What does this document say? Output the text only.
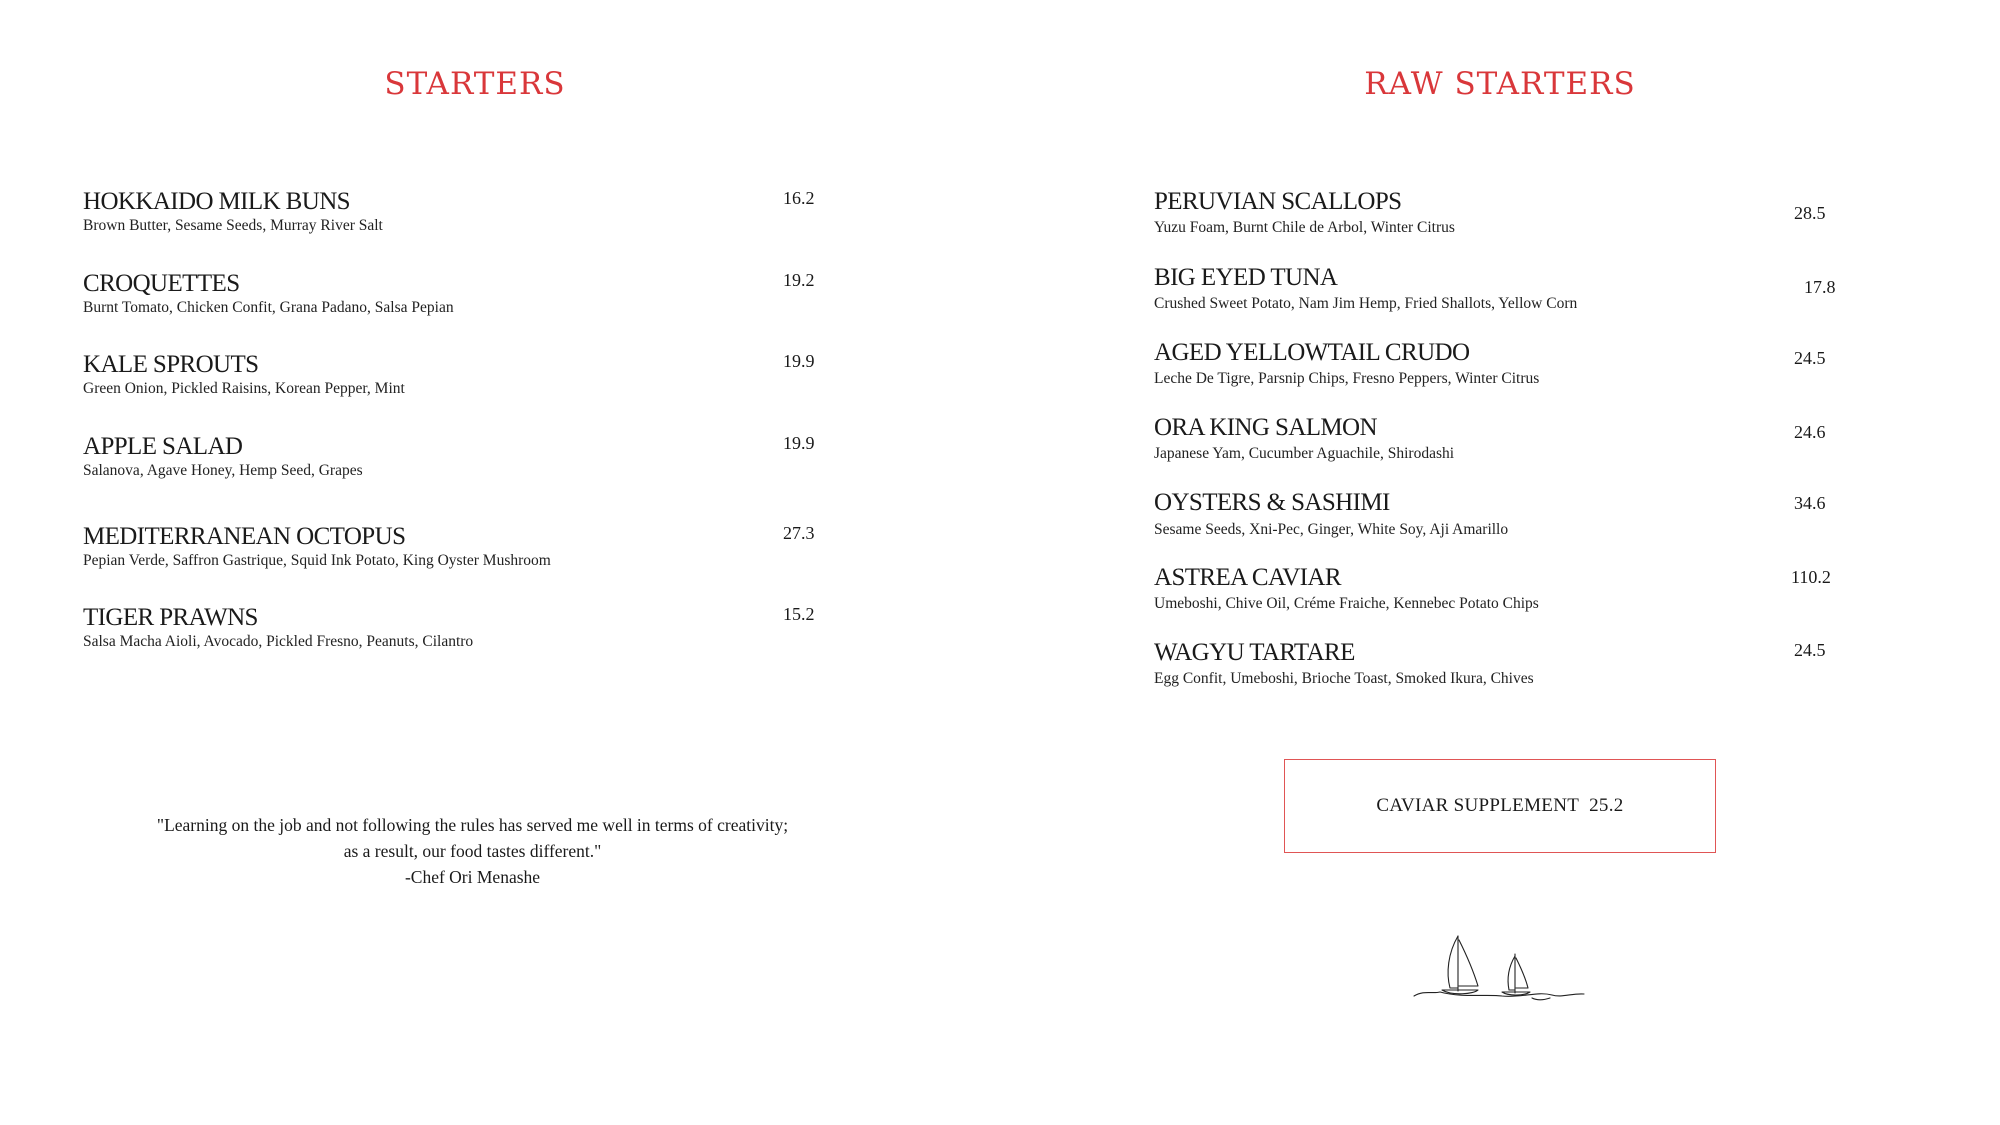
STARTERS	RAW STARTERS
HOKKAIDO MILK BUNS
Brown Butter, Sesame Seeds, Murray River Salt
16.2
CROQUETTES
Burnt Tomato, Chicken Confit, Grana Padano, Salsa Pepian
19.2
KALE SPROUTS
Green Onion, Pickled Raisins, Korean Pepper, Mint
19.9
APPLE SALAD
Salanova, Agave Honey, Hemp Seed, Grapes
19.9
MEDITERRANEAN OCTOPUS
Pepian Verde, Saffron Gastrique, Squid Ink Potato, King Oyster Mushroom
27.3
TIGER PRAWNS
Salsa Macha Aioli, Avocado, Pickled Fresno, Peanuts, Cilantro
15.2
PERUVIAN SCALLOPS
Yuzu Foam, Burnt Chile de Arbol, Winter Citrus
28.5
BIG EYED TUNA
Crushed Sweet Potato, Nam Jim Hemp, Fried Shallots, Yellow Corn
17.8
AGED YELLOWTAIL CRUDO
Leche De Tigre, Parsnip Chips, Fresno Peppers, Winter Citrus
24.5
ORA KING SALMON
Japanese Yam, Cucumber Aguachile, Shirodashi
24.6
OYSTERS & SASHIMI
Sesame Seeds, Xni-Pec, Ginger, White Soy, Aji Amarillo
34.6
ASTREA CAVIAR
Umeboshi, Chive Oil, Créme Fraiche, Kennebec Potato Chips
110.2
WAGYU TARTARE
Egg Confit, Umeboshi, Brioche Toast, Smoked Ikura, Chives
24.5
"Learning on the job and not following the rules has served me well in terms of creativity;
as a result, our food tastes different."
-Chef Ori Menashe
CAVIAR SUPPLEMENT 25.2
